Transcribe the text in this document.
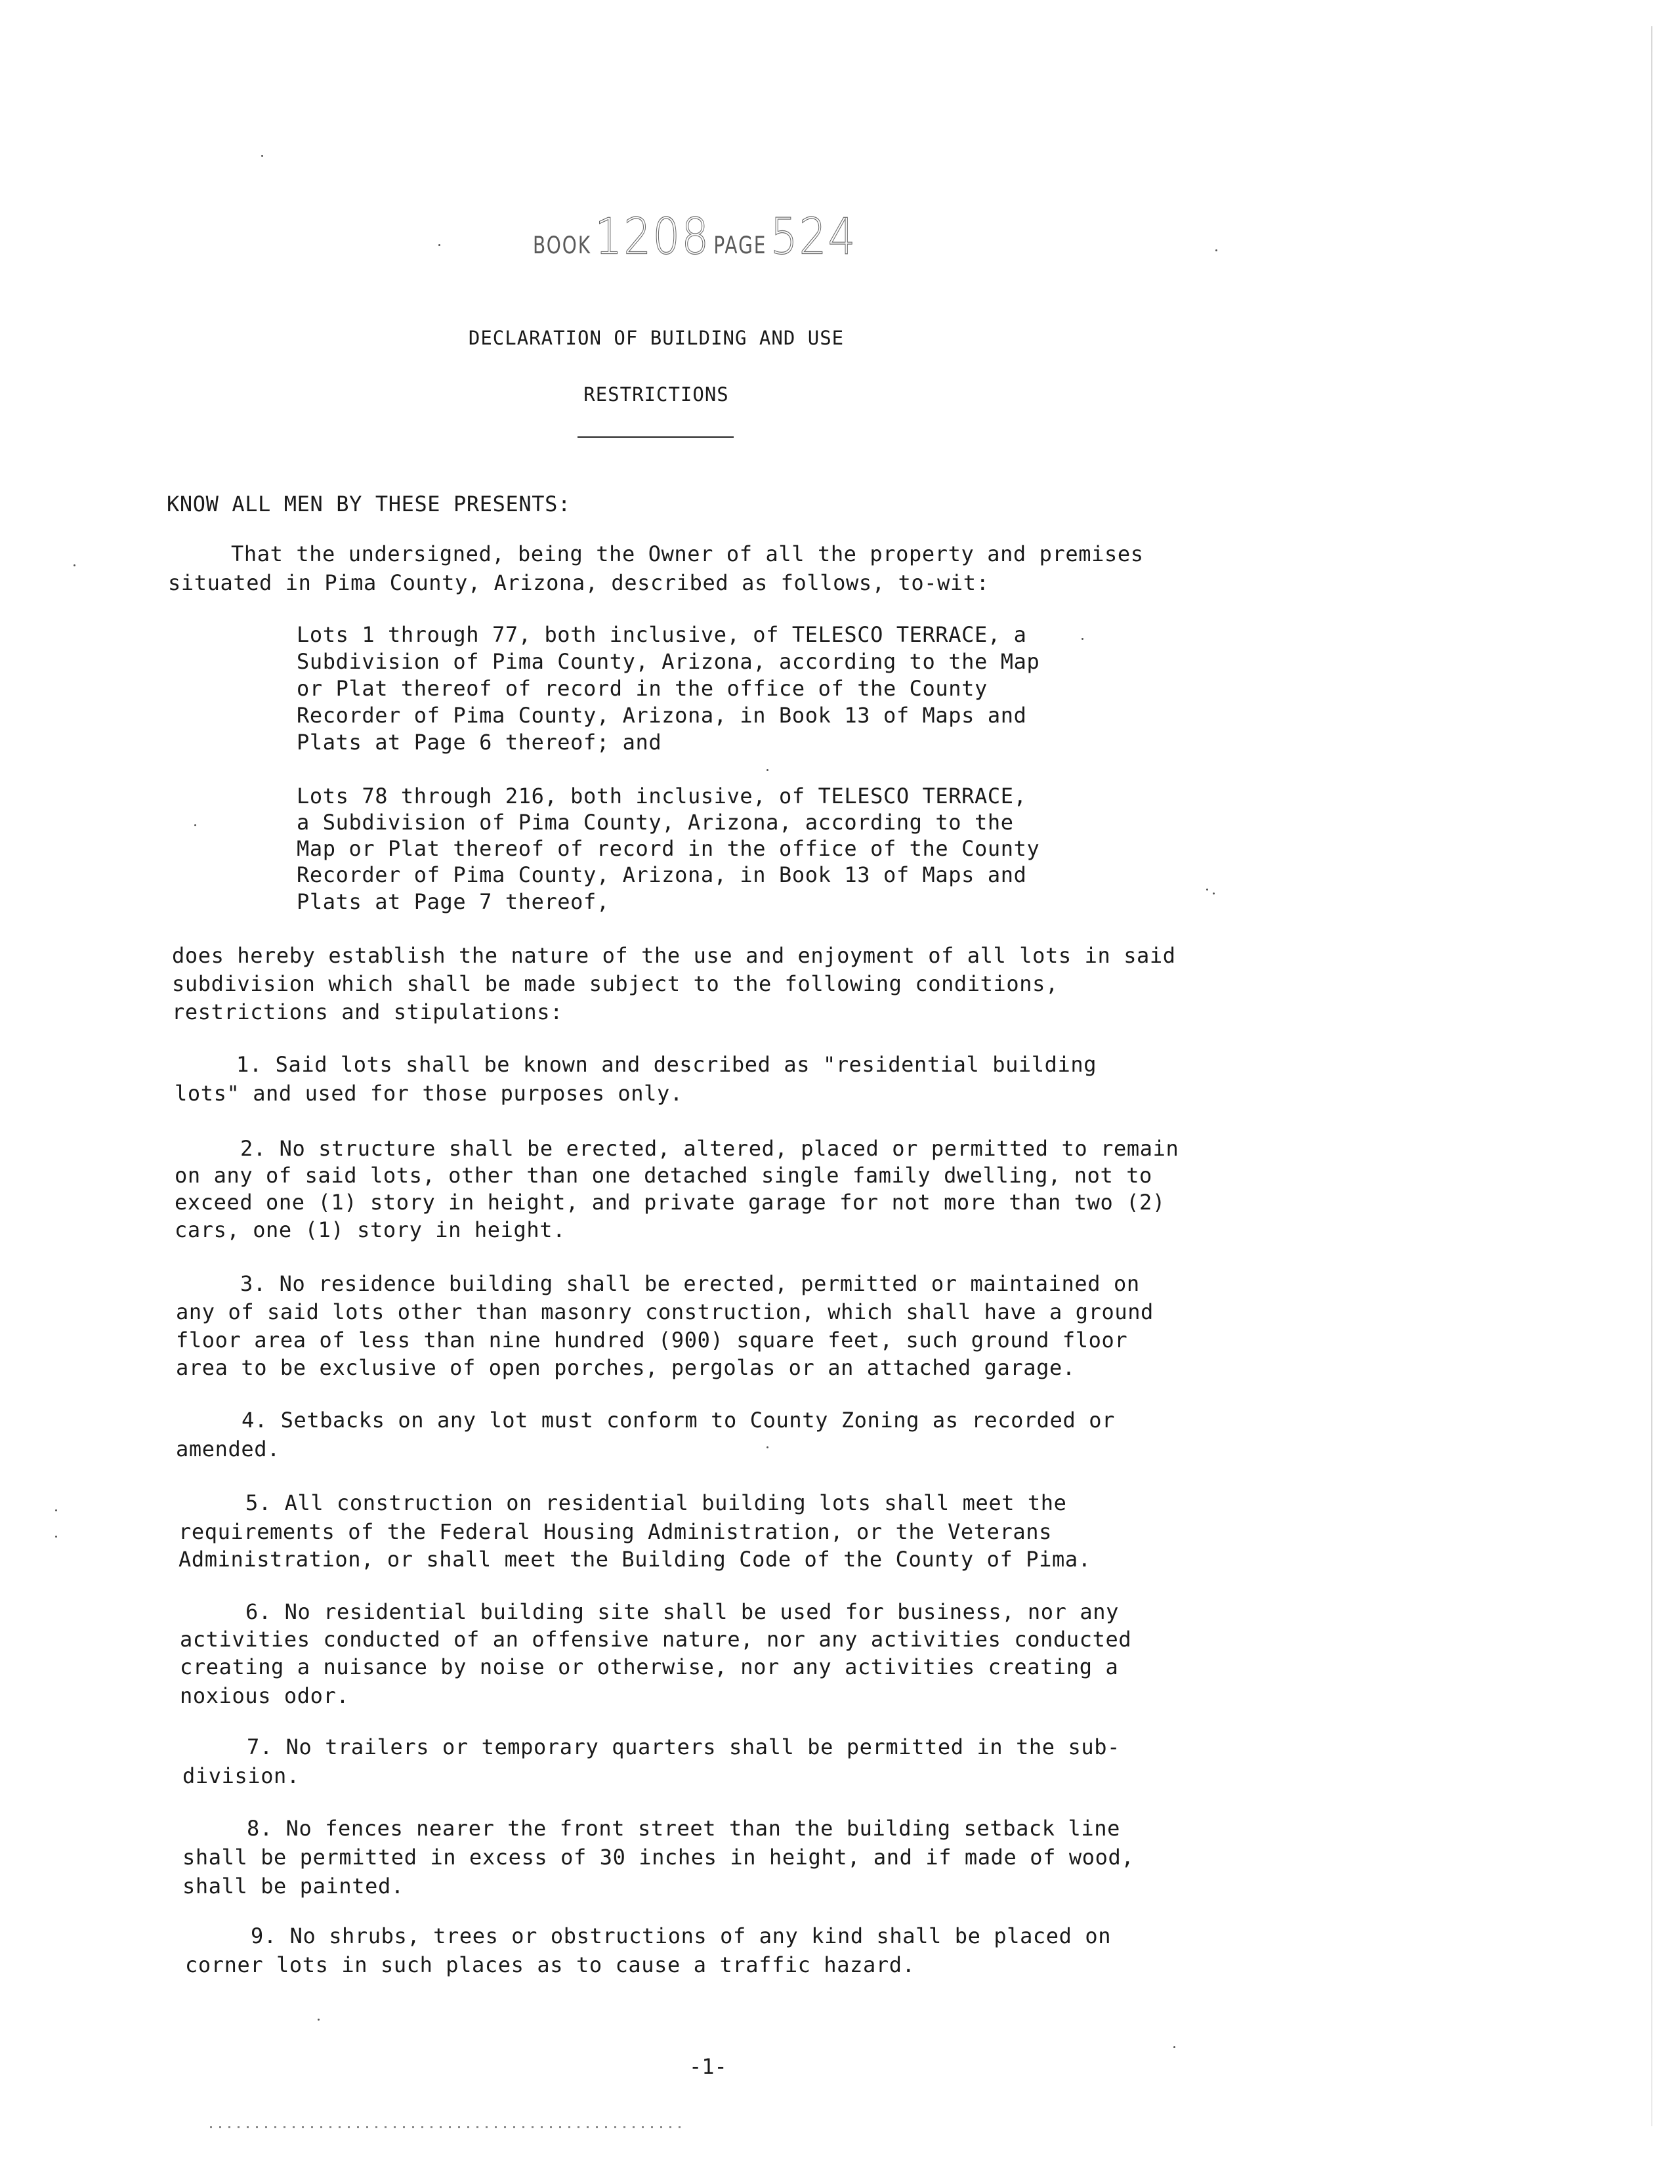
BOOK 1208 PAGE 524
DECLARATION OF BUILDING AND USE
RESTRICTIONS
KNOW ALL MEN BY THESE PRESENTS:
That the undersigned, being the Owner of all the property and premises
situated in Pima County, Arizona, described as follows, to-wit:
Lots 1 through 77, both inclusive, of TELESCO TERRACE, a
Subdivision of Pima County, Arizona, according to the Map
or Plat thereof of record in the office of the County
Recorder of Pima County, Arizona, in Book 13 of Maps and
Plats at Page 6 thereof; and
Lots 78 through 216, both inclusive, of TELESCO TERRACE,
a Subdivision of Pima County, Arizona, according to the
Map or Plat thereof of record in the office of the County
Recorder of Pima County, Arizona, in Book 13 of Maps and
Plats at Page 7 thereof,
does hereby establish the nature of the use and enjoyment of all lots in said
subdivision which shall be made subject to the following conditions,
restrictions and stipulations:
1. Said lots shall be known and described as "residential building
lots" and used for those purposes only.
2. No structure shall be erected, altered, placed or permitted to remain
on any of said lots, other than one detached single family dwelling, not to
exceed one (1) story in height, and private garage for not more than two (2)
cars, one (1) story in height.
3. No residence building shall be erected, permitted or maintained on
any of said lots other than masonry construction, which shall have a ground
floor area of less than nine hundred (900) square feet, such ground floor
area to be exclusive of open porches, pergolas or an attached garage.
4. Setbacks on any lot must conform to County Zoning as recorded or
amended.
5. All construction on residential building lots shall meet the
requirements of the Federal Housing Administration, or the Veterans
Administration, or shall meet the Building Code of the County of Pima.
6. No residential building site shall be used for business, nor any
activities conducted of an offensive nature, nor any activities conducted
creating a nuisance by noise or otherwise, nor any activities creating a
noxious odor.
7. No trailers or temporary quarters shall be permitted in the sub-
division.
8. No fences nearer the front street than the building setback line
shall be permitted in excess of 30 inches in height, and if made of wood,
shall be painted.
9. No shrubs, trees or obstructions of any kind shall be placed on
corner lots in such places as to cause a traffic hazard.
-1-
